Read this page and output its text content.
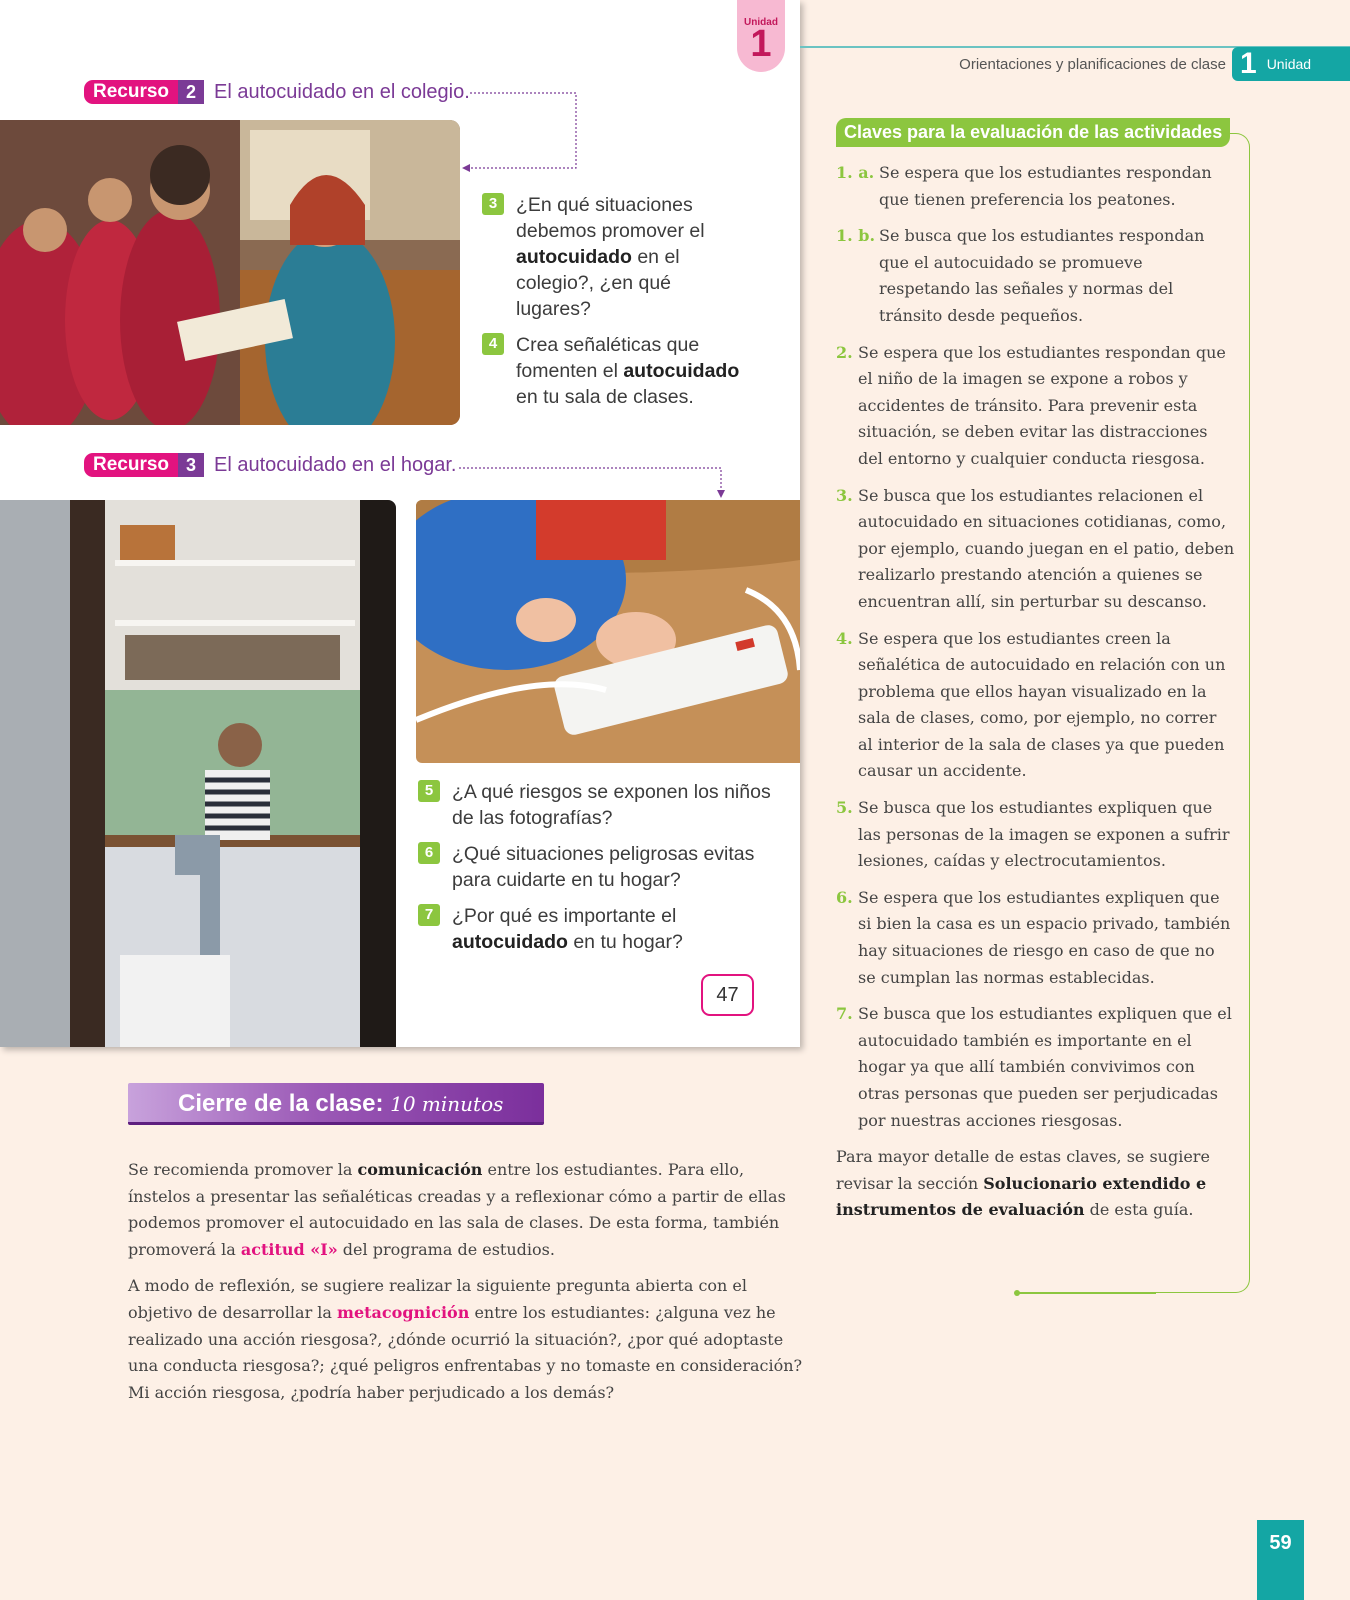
Unidad
1
Recurso 2 El autocuidado en el colegio.
3 ¿En qué situaciones debemos promover el autocuidado en el colegio?, ¿en qué lugares?
4 Crea señaléticas que fomenten el autocuidado en tu sala de clases.
Recurso 3 El autocuidado en el hogar.
5 ¿A qué riesgos se exponen los niños de las fotografías?
6 ¿Qué situaciones peligrosas evitas para cuidarte en tu hogar?
7 ¿Por qué es importante el autocuidado en tu hogar?
47
Orientaciones y planificaciones de clase 1 Unidad
Claves para la evaluación de las actividades
1. a. Se espera que los estudiantes respondan que tienen preferencia los peatones.
1. b. Se busca que los estudiantes respondan que el autocuidado se promueve respetando las señales y normas del tránsito desde pequeños.
2. Se espera que los estudiantes respondan que el niño de la imagen se expone a robos y accidentes de tránsito. Para prevenir esta situación, se deben evitar las distracciones del entorno y cualquier conducta riesgosa.
3. Se busca que los estudiantes relacionen el autocuidado en situaciones cotidianas, como, por ejemplo, cuando juegan en el patio, deben realizarlo prestando atención a quienes se encuentran allí, sin perturbar su descanso.
4. Se espera que los estudiantes creen la señalética de autocuidado en relación con un problema que ellos hayan visualizado en la sala de clases, como, por ejemplo, no correr al interior de la sala de clases ya que pueden causar un accidente.
5. Se busca que los estudiantes expliquen que las personas de la imagen se exponen a sufrir lesiones, caídas y electrocutamientos.
6. Se espera que los estudiantes expliquen que si bien la casa es un espacio privado, también hay situaciones de riesgo en caso de que no se cumplan las normas establecidas.
7. Se busca que los estudiantes expliquen que el autocuidado también es importante en el hogar ya que allí también convivimos con otras personas que pueden ser perjudicadas por nuestras acciones riesgosas.
Para mayor detalle de estas claves, se sugiere revisar la sección Solucionario extendido e instrumentos de evaluación de esta guía.
Cierre de la clase: 10 minutos

Se recomienda promover la comunicación entre los estudiantes. Para ello, ínstelos a presentar las señaléticas creadas y a reflexionar cómo a partir de ellas podemos promover el autocuidado en las sala de clases. De esta forma, también promoverá la actitud «I» del programa de estudios.

A modo de reflexión, se sugiere realizar la siguiente pregunta abierta con el objetivo de desarrollar la metacognición entre los estudiantes: ¿alguna vez he realizado una acción riesgosa?, ¿dónde ocurrió la situación?, ¿por qué adoptaste una conducta riesgosa?; ¿qué peligros enfrentabas y no tomaste en consideración? Mi acción riesgosa, ¿podría haber perjudicado a los demás?

59
